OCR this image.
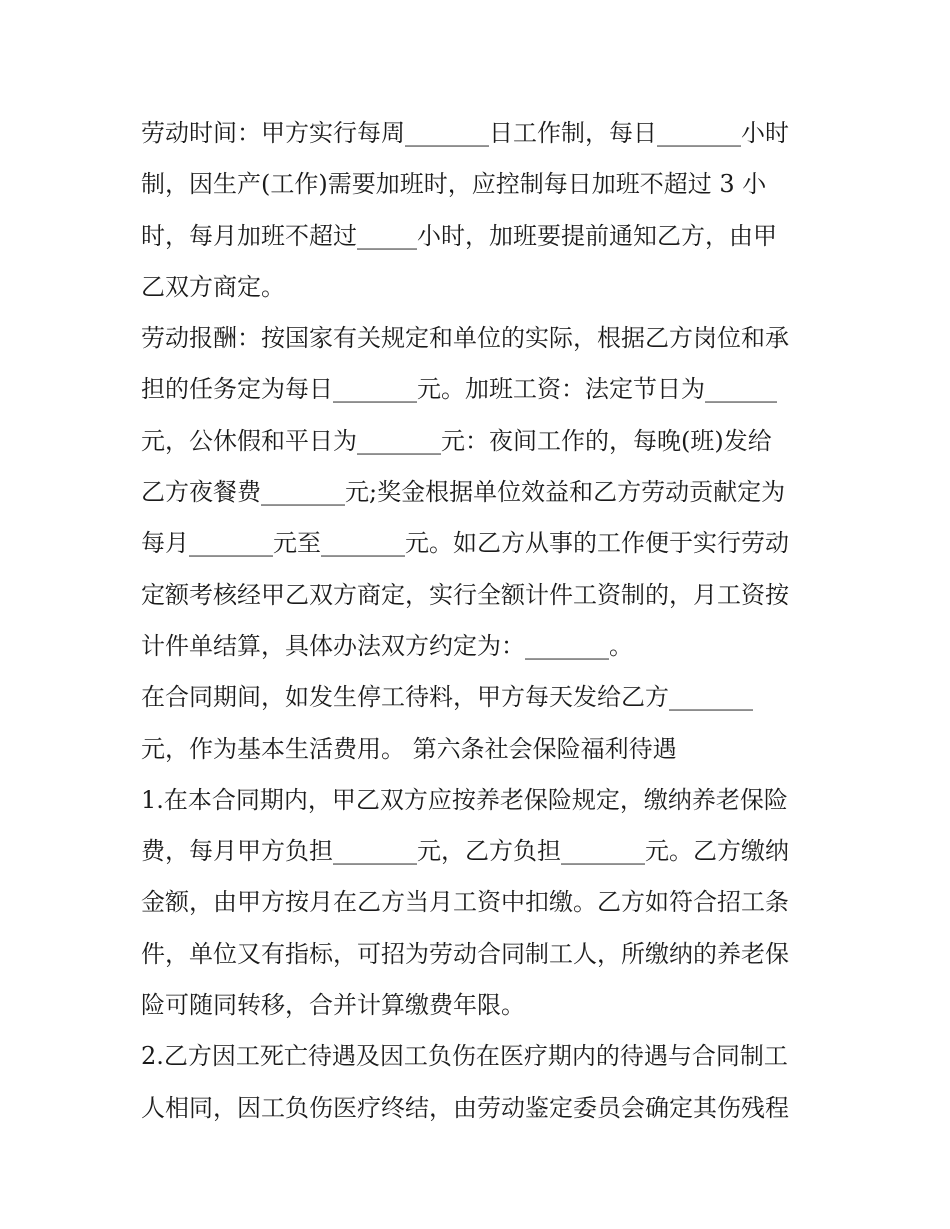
劳动时间：甲方实行每周_______日工作制，每日_______小时
制，因生产(工作)需要加班时，应控制每日加班不超过 3 小
时，每月加班不超过_____小时，加班要提前通知乙方，由甲
乙双方商定。
劳动报酬：按国家有关规定和单位的实际，根据乙方岗位和承
担的任务定为每日_______元。加班工资：法定节日为______
元，公休假和平日为_______元：夜间工作的，每晚(班)发给
乙方夜餐费_______元;奖金根据单位效益和乙方劳动贡献定为
每月_______元至_______元。如乙方从事的工作便于实行劳动
定额考核经甲乙双方商定，实行全额计件工资制的，月工资按
计件单结算，具体办法双方约定为：_______。
在合同期间，如发生停工待料，甲方每天发给乙方_______
元，作为基本生活费用。 第六条社会保险福利待遇
1.在本合同期内，甲乙双方应按养老保险规定，缴纳养老保险
费，每月甲方负担_______元，乙方负担_______元。乙方缴纳
金额，由甲方按月在乙方当月工资中扣缴。乙方如符合招工条
件，单位又有指标，可招为劳动合同制工人，所缴纳的养老保
险可随同转移，合并计算缴费年限。
2.乙方因工死亡待遇及因工负伤在医疗期内的待遇与合同制工
人相同，因工负伤医疗终结，由劳动鉴定委员会确定其伤残程
